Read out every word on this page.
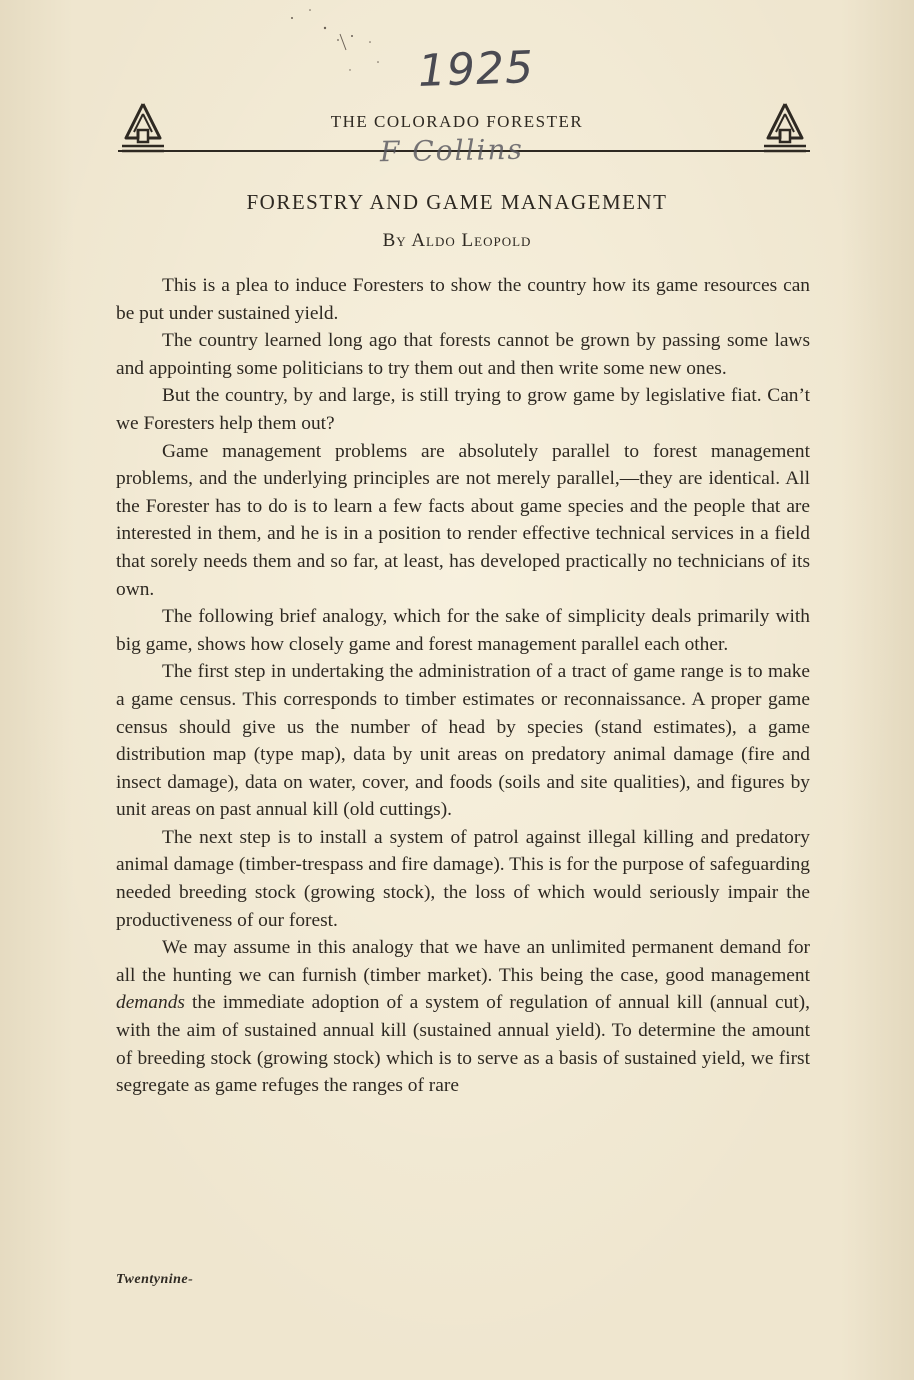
1925
THE COLORADO FORESTER
F Collins
FORESTRY AND GAME MANAGEMENT
By Aldo Leopold

This is a plea to induce Foresters to show the country how its game resources can be put under sustained yield.

The country learned long ago that forests cannot be grown by passing some laws and appointing some politicians to try them out and then write some new ones.

But the country, by and large, is still trying to grow game by legislative fiat. Can’t we Foresters help them out?

Game management problems are absolutely parallel to forest management problems, and the underlying principles are not merely parallel,—they are identical. All the Forester has to do is to learn a few facts about game species and the people that are interested in them, and he is in a position to render effective technical services in a field that sorely needs them and so far, at least, has developed practically no technicians of its own.

The following brief analogy, which for the sake of simplicity deals primarily with big game, shows how closely game and forest management parallel each other.

The first step in undertaking the administration of a tract of game range is to make a game census. This corresponds to timber estimates or reconnaissance. A proper game census should give us the number of head by species (stand estimates), a game distribution map (type map), data by unit areas on predatory animal damage (fire and insect damage), data on water, cover, and foods (soils and site qualities), and figures by unit areas on past annual kill (old cuttings).

The next step is to install a system of patrol against illegal killing and predatory animal damage (timber-trespass and fire damage). This is for the purpose of safeguarding needed breeding stock (growing stock), the loss of which would seriously impair the productiveness of our forest.

We may assume in this analogy that we have an unlimited permanent demand for all the hunting we can furnish (timber market). This being the case, good management demands the immediate adoption of a system of regulation of annual kill (annual cut), with the aim of sustained annual kill (sustained annual yield). To determine the amount of breeding stock (growing stock) which is to serve as a basis of sustained yield, we first segregate as game refuges the ranges of rare

Twentynine-
